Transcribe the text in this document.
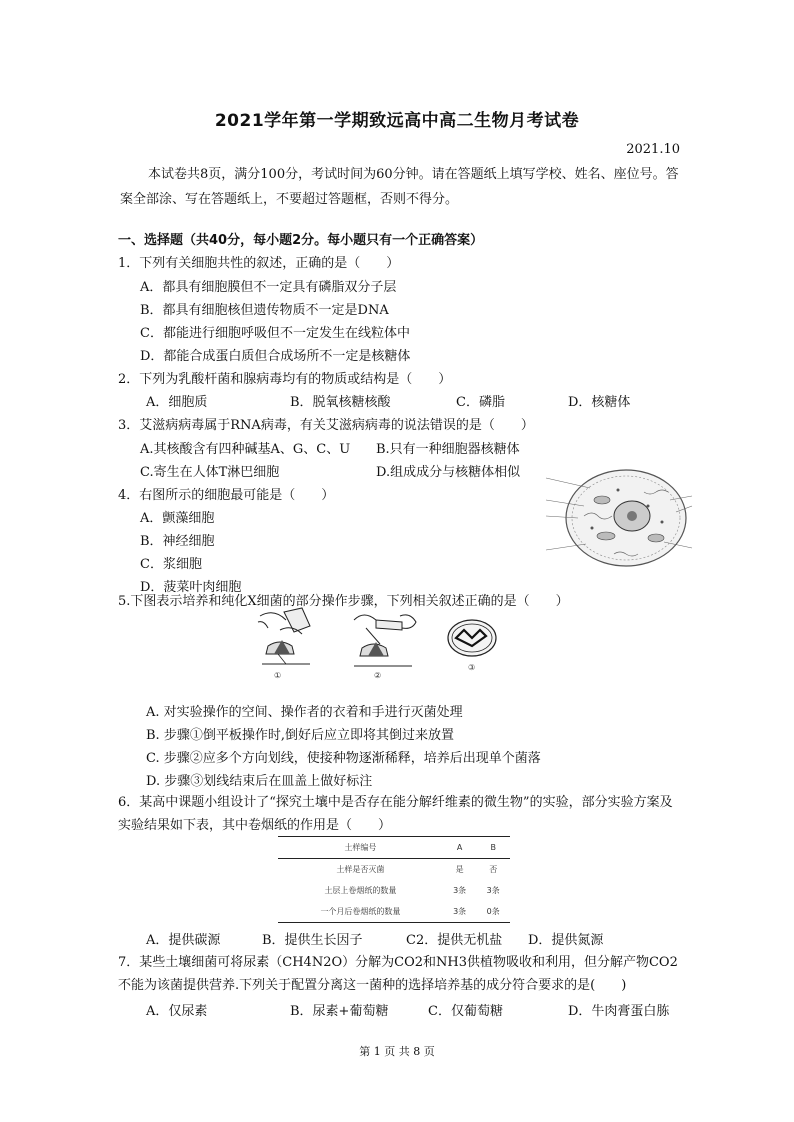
2021学年第一学期致远高中高二生物月考试卷
2021.10
本试卷共8页，满分100分，考试时间为60分钟。请在答题纸上填写学校、姓名、座位号。答案全部涂、写在答题纸上，不要超过答题框，否则不得分。
一、选择题（共40分，每小题2分。每小题只有一个正确答案）
1．下列有关细胞共性的叙述，正确的是（　　）
A．都具有细胞膜但不一定具有磷脂双分子层
B．都具有细胞核但遗传物质不一定是DNA
C．都能进行细胞呼吸但不一定发生在线粒体中
D．都能合成蛋白质但合成场所不一定是核糖体
2．下列为乳酸杆菌和腺病毒均有的物质或结构是（　　）
A．细胞质	B．脱氧核糖核酸	C．磷脂	D．核糖体
3．艾滋病病毒属于RNA病毒，有关艾滋病病毒的说法错误的是（　　）
A.其核酸含有四种碱基A、G、C、U B.只有一种细胞器核糖体
C.寄生在人体T淋巴细胞	D.组成成分与核糖体相似
4．右图所示的细胞最可能是（　　）
A．颤藻细胞
B．神经细胞
C．浆细胞
D．菠菜叶肉细胞
5.下图表示培养和纯化X细菌的部分操作步骤，下列相关叙述正确的是（　　）
①	②
③
A. 对实验操作的空间、操作者的衣着和手进行灭菌处理
B. 步骤①倒平板操作时,倒好后应立即将其倒过来放置
C. 步骤②应多个方向划线，使接种物逐渐稀释，培养后出现单个菌落
D. 步骤③划线结束后在皿盖上做好标注
6．某高中课题小组设计了“探究土壤中是否存在能分解纤维素的微生物”的实验，部分实验方案及实验结果如下表，其中卷烟纸的作用是（　　）
土样编号	A	B
土样是否灭菌	是	否
土层上卷烟纸的数量	3条	3条
一个月后卷烟纸的数量	3条	0条
A．提供碳源	B．提供生长因子	C2．提供无机盐 D．提供氮源
7．某些土壤细菌可将尿素（CH4N2O）分解为CO2和NH3供植物吸收和利用，但分解产物CO2不能为该菌提供营养.下列关于配置分离这一菌种的选择培养基的成分符合要求的是(　　)
A．仅尿素	B．尿素+葡萄糖	C．仅葡萄糖	D．牛肉膏蛋白胨
第 1 页 共 8 页
